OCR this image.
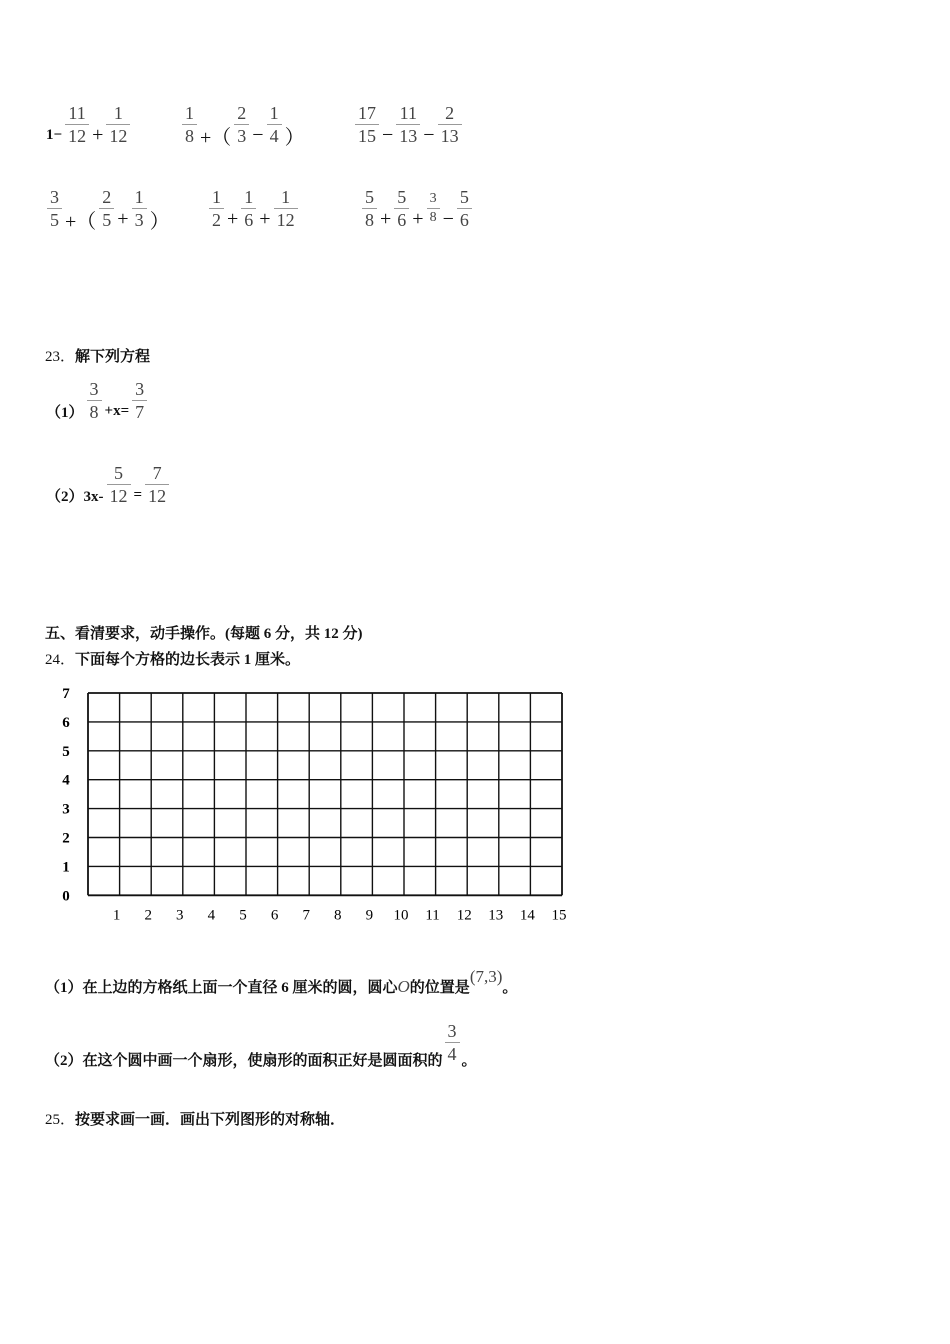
$1- \frac{11}{12} + \frac{1}{12}$	$\frac{1}{8}$ +（ $\frac{2}{3} - \frac{1}{4}$ ）	$\frac{17}{15} - \frac{11}{13} - \frac{2}{13}$
$\frac{3}{5}$ +（ $\frac{2}{5} + \frac{1}{3}$ ） $\frac{1}{2} + \frac{1}{6} + \frac{1}{12}$	$\frac{5}{8} + \frac{5}{6} + \frac{3}{8} - \frac{5}{6}$
23．解下列方程
$(1) \frac{3}{8} +x= \frac{3}{7}$
$(2)3x- \frac{5}{12} = \frac{7}{12}$
五、看清要求，动手操作。(每题 6 分，共 12 分)
24．下面每个方格的边长表示 1 厘米。
0
1
2
3
4
5
6
7
1 2 3 4 5 6 7 8 9 10 11 12 13 14 15
（1）在上边的方格纸上面一个直径 6 厘米的圆，圆心O的位置是(7,3)。
（2）在这个圆中画一个扇形，使扇形的面积正好是圆面积的 $\frac{3}{4}$ 。
25．按要求画一画．画出下列图形的对称轴．
